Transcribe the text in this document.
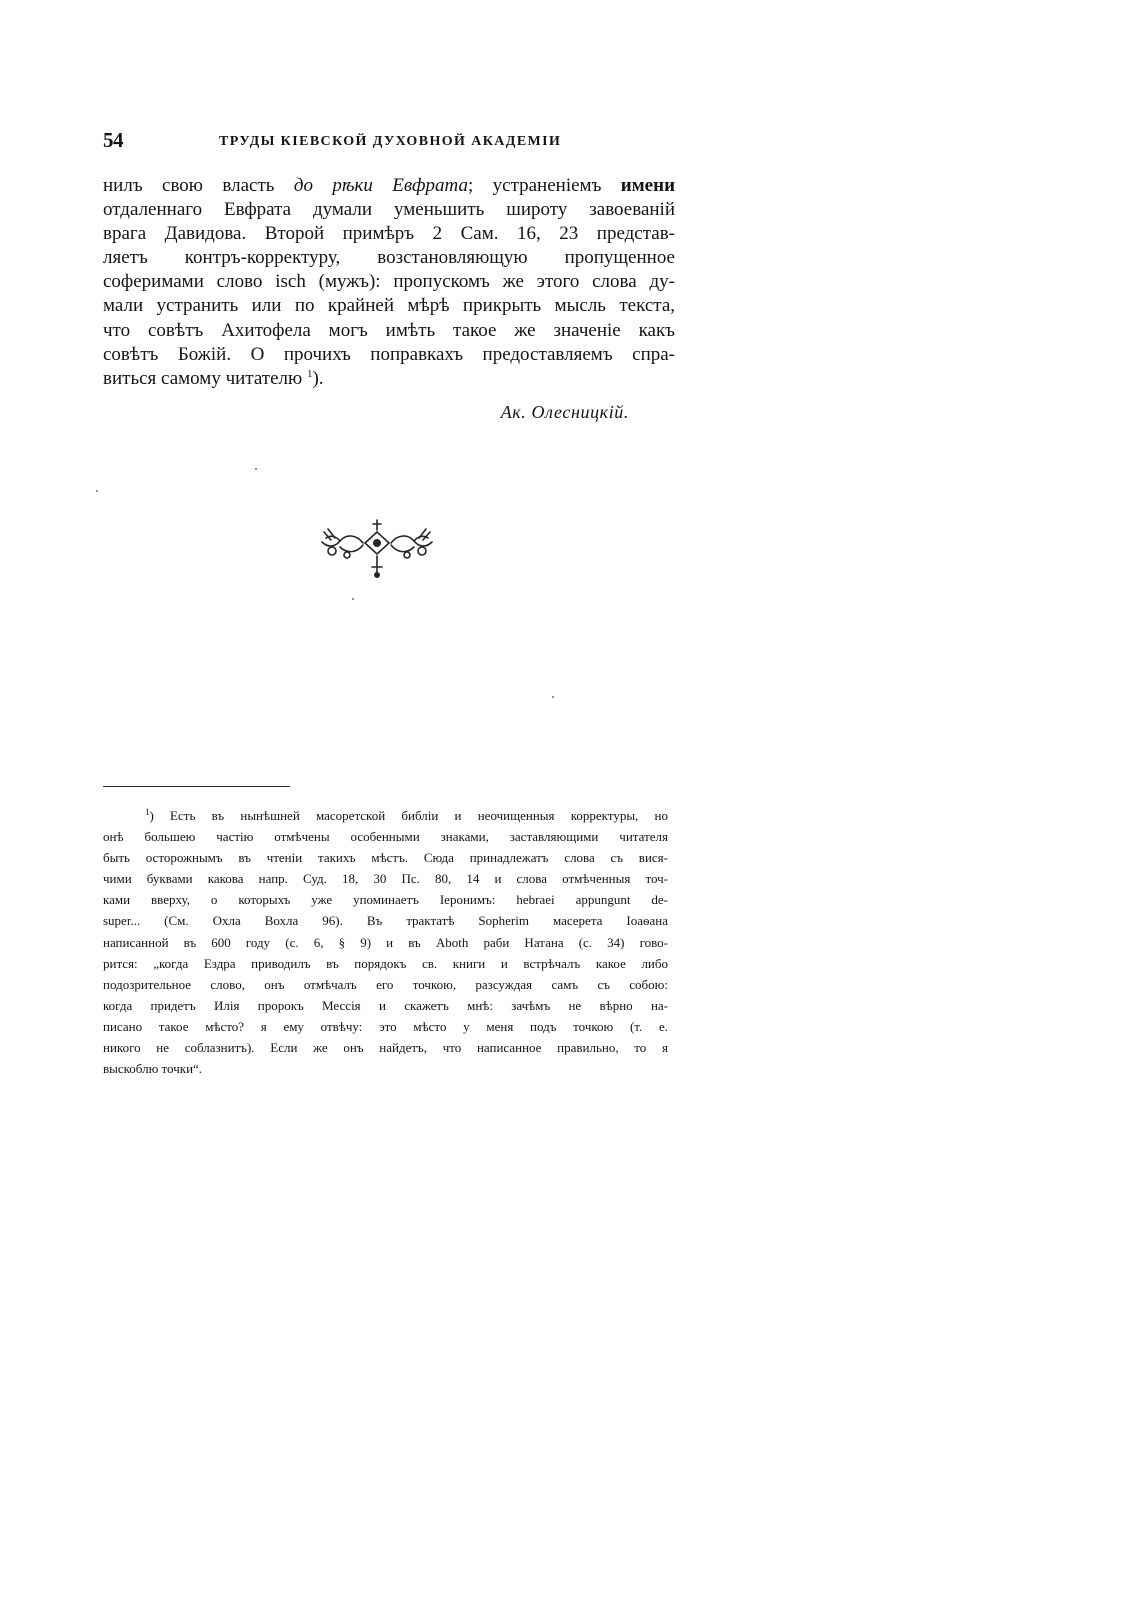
54	ТРУДЫ КІЕВСКОЙ ДУХОВНОЙ АКАДЕМІИ
нилъ свою власть до рѣки Евфрата; устраненіемъ имени
отдаленнаго Евфрата думали уменьшить широту завоеваній
врага Давидова. Второй примѣръ 2 Сам. 16, 23 представ-
ляетъ контръ-корректуру, возстановляющую пропущенное
соферимами слово isch (мужъ): пропускомъ же этого слова ду-
мали устранить или по крайней мѣрѣ прикрыть мысль текста,
что совѣтъ Ахитофела могъ имѣть такое же значеніе какъ
совѣтъ Божій. О прочихъ поправкахъ предоставляемъ спра-
виться самому читателю $^1$).
Ак. Олесницкій.
$^1$) Есть въ нынѣшней масоретской библіи и неочищенныя корректуры, но
онѣ большею частію отмѣчены особенными знаками, заставляющими читателя
быть осторожнымъ въ чтеніи такихъ мѣстъ. Сюда принадлежатъ слова съ вися-
чими буквами какова напр. Суд. 18, 30 Пс. 80, 14 и слова отмѣченныя точ-
ками вверху, о которыхъ уже упоминаетъ Іеронимъ: hebraei appungunt de-
super... (См. Охла Вохла 96). Въ трактатѣ Sopherim масерета Іоаѳана
написанной въ 600 году (с. 6, § 9) и въ Aboth раби Натана (с. 34) гово-
рится: „когда Ездра приводилъ въ порядокъ св. книги и встрѣчалъ какое либо
подозрительное слово, онъ отмѣчалъ его точкою, разсуждая самъ съ собою:
когда придетъ Илія пророкъ Мессія и скажетъ мнѣ: зачѣмъ не вѣрно на-
писано такое мѣсто? я ему отвѣчу: это мѣсто у меня подъ точкою (т. е.
никого не соблазнитъ). Если же онъ найдетъ, что написанное правильно, то я
выскоблю точки“.
